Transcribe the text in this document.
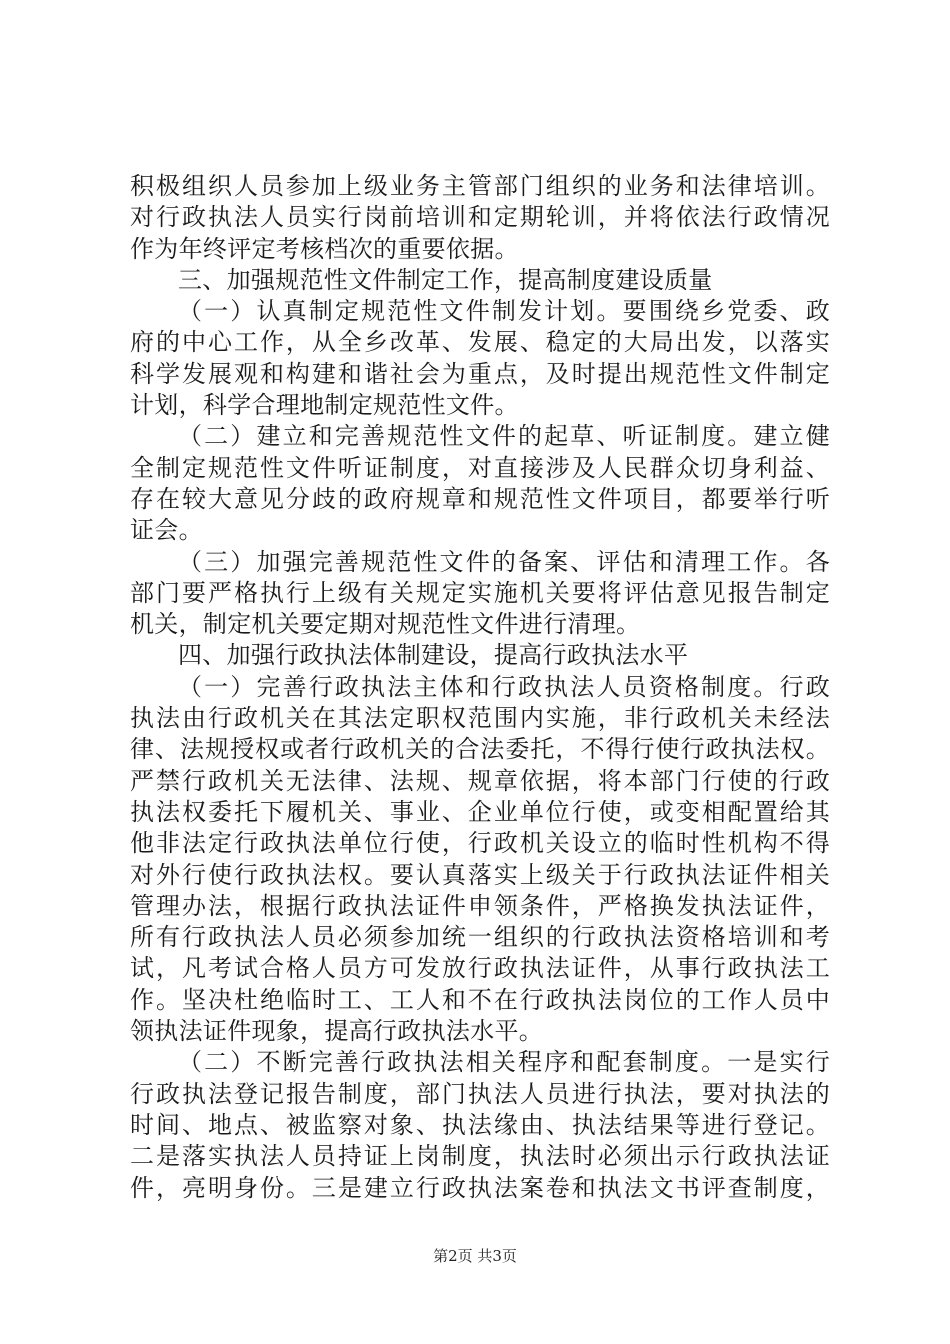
积极组织人员参加上级业务主管部门组织的业务和法律培训。
对行政执法人员实行岗前培训和定期轮训，并将依法行政情况
作为年终评定考核档次的重要依据。
三、加强规范性文件制定工作，提高制度建设质量
（一）认真制定规范性文件制发计划。要围绕乡党委、政
府的中心工作，从全乡改革、发展、稳定的大局出发，以落实
科学发展观和构建和谐社会为重点，及时提出规范性文件制定
计划，科学合理地制定规范性文件。
（二）建立和完善规范性文件的起草、听证制度。建立健
全制定规范性文件听证制度，对直接涉及人民群众切身利益、
存在较大意见分歧的政府规章和规范性文件项目，都要举行听
证会。
（三）加强完善规范性文件的备案、评估和清理工作。各
部门要严格执行上级有关规定实施机关要将评估意见报告制定
机关，制定机关要定期对规范性文件进行清理。
四、加强行政执法体制建设，提高行政执法水平
（一）完善行政执法主体和行政执法人员资格制度。行政
执法由行政机关在其法定职权范围内实施，非行政机关未经法
律、法规授权或者行政机关的合法委托，不得行使行政执法权。
严禁行政机关无法律、法规、规章依据，将本部门行使的行政
执法权委托下履机关、事业、企业单位行使，或变相配置给其
他非法定行政执法单位行使，行政机关设立的临时性机构不得
对外行使行政执法权。要认真落实上级关于行政执法证件相关
管理办法，根据行政执法证件申领条件，严格换发执法证件，
所有行政执法人员必须参加统一组织的行政执法资格培训和考
试，凡考试合格人员方可发放行政执法证件，从事行政执法工
作。坚决杜绝临时工、工人和不在行政执法岗位的工作人员中
领执法证件现象，提高行政执法水平。
（二）不断完善行政执法相关程序和配套制度。一是实行
行政执法登记报告制度，部门执法人员进行执法，要对执法的
时间、地点、被监察对象、执法缘由、执法结果等进行登记。
二是落实执法人员持证上岗制度，执法时必须出示行政执法证
件，亮明身份。三是建立行政执法案卷和执法文书评查制度，
第2页 共3页
